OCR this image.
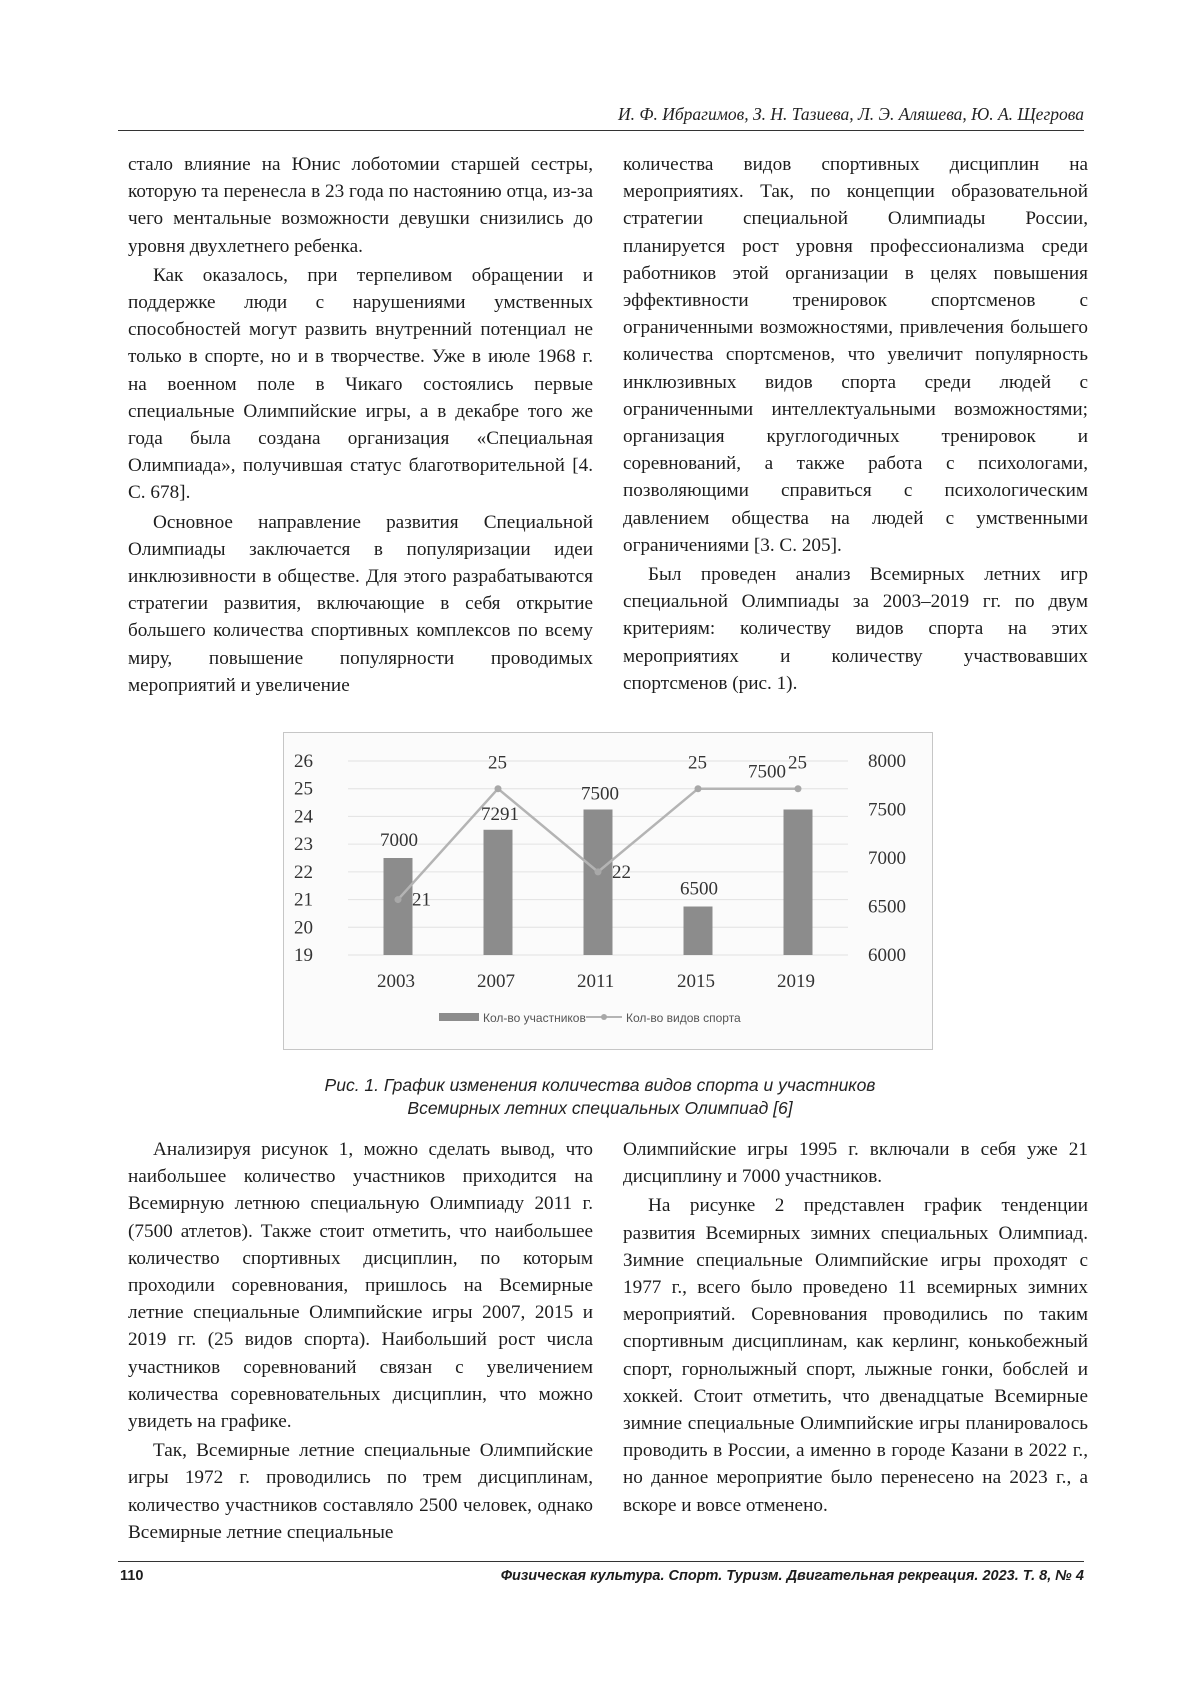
И. Ф. Ибрагимов, З. Н. Тазиева, Л. Э. Аляшева, Ю. А. Щегрова

стало влияние на Юнис лоботомии старшей сестры, которую та перенесла в 23 года по настоянию отца, из-за чего ментальные возможности девушки снизились до уровня двухлетнего ребенка.

Как оказалось, при терпеливом обращении и поддержке люди с нарушениями умственных способностей могут развить внутренний потенциал не только в спорте, но и в творчестве. Уже в июле 1968 г. на военном поле в Чикаго состоялись первые специальные Олимпийские игры, а в декабре того же года была создана организация «Специальная Олимпиада», получившая статус благотворительной [4. С. 678].

Основное направление развития Специальной Олимпиады заключается в популяризации идеи инклюзивности в обществе. Для этого разрабатываются стратегии развития, включающие в себя открытие большего количества спортивных комплексов по всему миру, повышение популярности проводимых мероприятий и увеличение

количества видов спортивных дисциплин на мероприятиях. Так, по концепции образовательной стратегии специальной Олимпиады России, планируется рост уровня профессионализма среди работников этой организации в целях повышения эффективности тренировок спортсменов с ограниченными возможностями, привлечения большего количества спортсменов, что увеличит популярность инклюзивных видов спорта среди людей с ограниченными интеллектуальными возможностями; организация круглогодичных тренировок и соревнований, а также работа с психологами, позволяющими справиться с психологическим давлением общества на людей с умственными ограничениями [3. С. 205].

Был проведен анализ Всемирных летних игр специальной Олимпиады за 2003–2019 гг. по двум критериям: количеству видов спорта на этих мероприятиях и количеству участвовавших спортсменов (рис. 1).

19
20
21
22
23
24
25
26
6000
6500
7000
7500
8000
7000
7291
7500
6500
7500
21
25
22
25	25
2003	2007	2011	2015	2019
Кол-во участников	Кол-во видов спорта
Рис. 1. График изменения количества видов спорта и участников
Всемирных летних специальных Олимпиад [6]

Анализируя рисунок 1, можно сделать вывод, что наибольшее количество участников приходится на Всемирную летнюю специальную Олимпиаду 2011 г. (7500 атлетов). Также стоит отметить, что наибольшее количество спортивных дисциплин, по которым проходили соревнования, пришлось на Всемирные летние специальные Олимпийские игры 2007, 2015 и 2019 гг. (25 видов спорта). Наибольший рост числа участников соревнований связан с увеличением количества соревновательных дисциплин, что можно увидеть на графике.

Так, Всемирные летние специальные Олимпийские игры 1972 г. проводились по трем дисциплинам, количество участников составляло 2500 человек, однако Всемирные летние специальные

Олимпийские игры 1995 г. включали в себя уже 21 дисциплину и 7000 участников.

На рисунке 2 представлен график тенденции развития Всемирных зимних специальных Олимпиад. Зимние специальные Олимпийские игры проходят с 1977 г., всего было проведено 11 всемирных зимних мероприятий. Соревнования проводились по таким спортивным дисциплинам, как керлинг, конькобежный спорт, горнолыжный спорт, лыжные гонки, бобслей и хоккей. Стоит отметить, что двенадцатые Всемирные зимние специальные Олимпийские игры планировалось проводить в России, а именно в городе Казани в 2022 г., но данное мероприятие было перенесено на 2023 г., а вскоре и вовсе отменено.

110	Физическая культура. Спорт. Туризм. Двигательная рекреация. 2023. Т. 8, № 4
